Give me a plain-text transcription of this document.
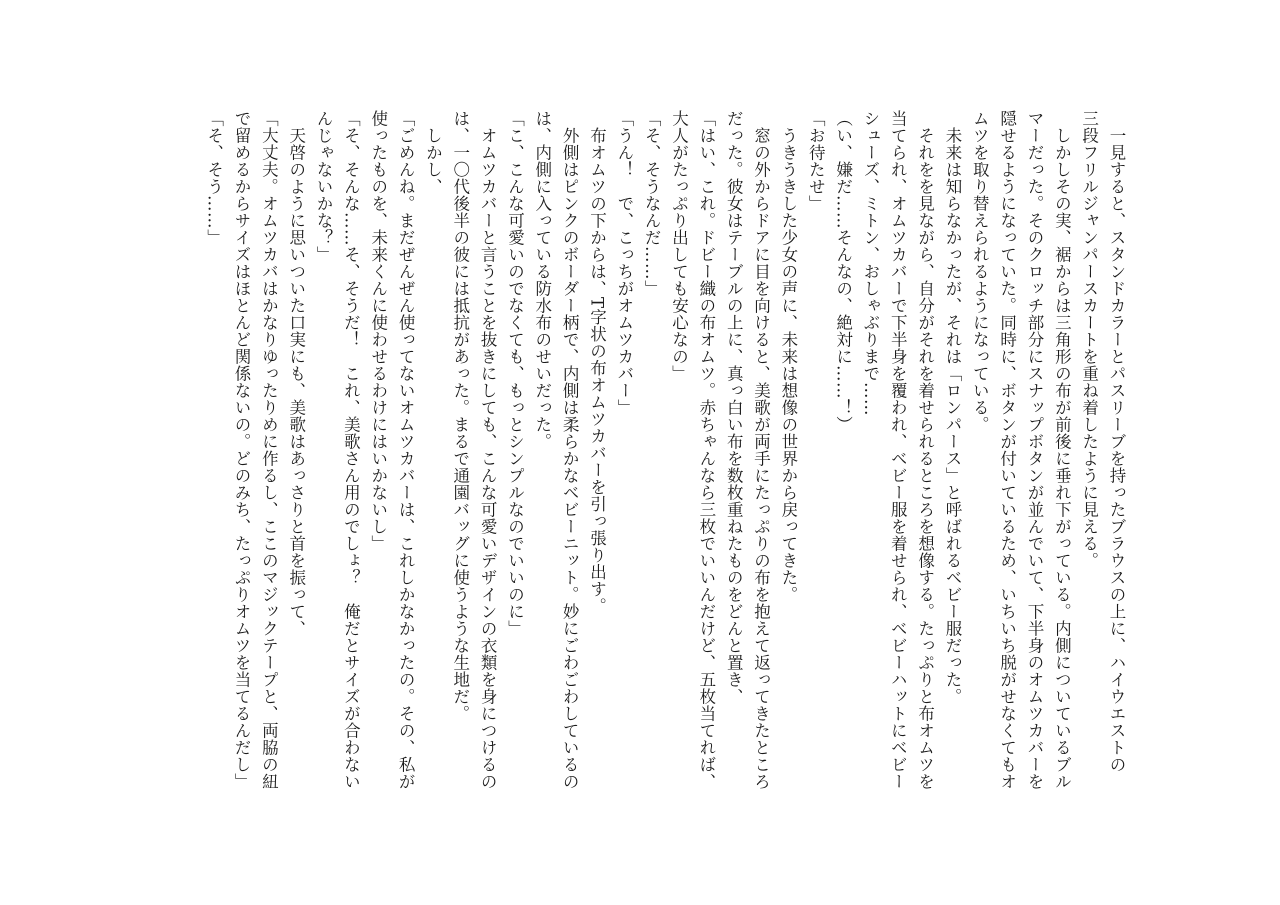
　一見すると、スタンドカラーとパスリーブを持ったブラウスの上に、ハイウエストの
三段フリルジャンパースカートを重ね着したように見える。
　しかしその実、裾からは三角形の布が前後に垂れ下がっている。内側についているブル
マーだった。そのクロッチ部分にスナップボタンが並んでいて、下半身のオムツカバーを
隠せるようになっていた。同時に、ボタンが付いているため、いちいち脱がせなくてもオ
ムツを取り替えられるようになっている。
　未来は知らなかったが、それは「ロンパース」と呼ばれるベビー服だった。
　それをを見ながら、自分がそれを着せられるところを想像する。たっぷりと布オムツを
当てられ、オムツカバーで下半身を覆われ、ベビー服を着せられ、ベビーハットにベビー
シューズ、ミトン、おしゃぶりまで……
（い、嫌だ……そんなの、絶対に……！）
「お待たせ」
　うきうきした少女の声に、未来は想像の世界から戻ってきた。
　窓の外からドアに目を向けると、美歌が両手にたっぷりの布を抱えて返ってきたところ
だった。彼女はテーブルの上に、真っ白い布を数枚重ねたものをどんと置き、
「はい、これ。ドビー織の布オムツ。赤ちゃんなら三枚でいいんだけど、五枚当てれば、
大人がたっぷり出しても安心なの」
「そ、そうなんだ……」
「うん！　で、こっちがオムツカバー」
　布オムツの下からは、T字状の布オムツカバーを引っ張り出す。
　外側はピンクのボーダー柄で、内側は柔らかなベビーニット。妙にごわごわしているの
は、内側に入っている防水布のせいだった。
「こ、こんな可愛いのでなくても、もっとシンプルなのでいいのに」
　オムツカバーと言うことを抜きにしても、こんな可愛いデザインの衣類を身につけるの
は、一〇代後半の彼には抵抗があった。まるで通園バッグに使うような生地だ。
　しかし、
「ごめんね。まだぜんぜん使ってないオムツカバーは、これしかなかったの。その、私が
使ったものを、未来くんに使わせるわけにはいかないし」
「そ、そんな……そ、そうだ！　これ、美歌さん用のでしょ？　俺だとサイズが合わない
んじゃないかな？」
　天啓のように思いついた口実にも、美歌はあっさりと首を振って、
「大丈夫。オムツカバはかなりゆったりめに作るし、ここのマジックテープと、両脇の紐
で留めるからサイズはほとんど関係ないの。どのみち、たっぷりオムツを当てるんだし」
「そ、そう……」
